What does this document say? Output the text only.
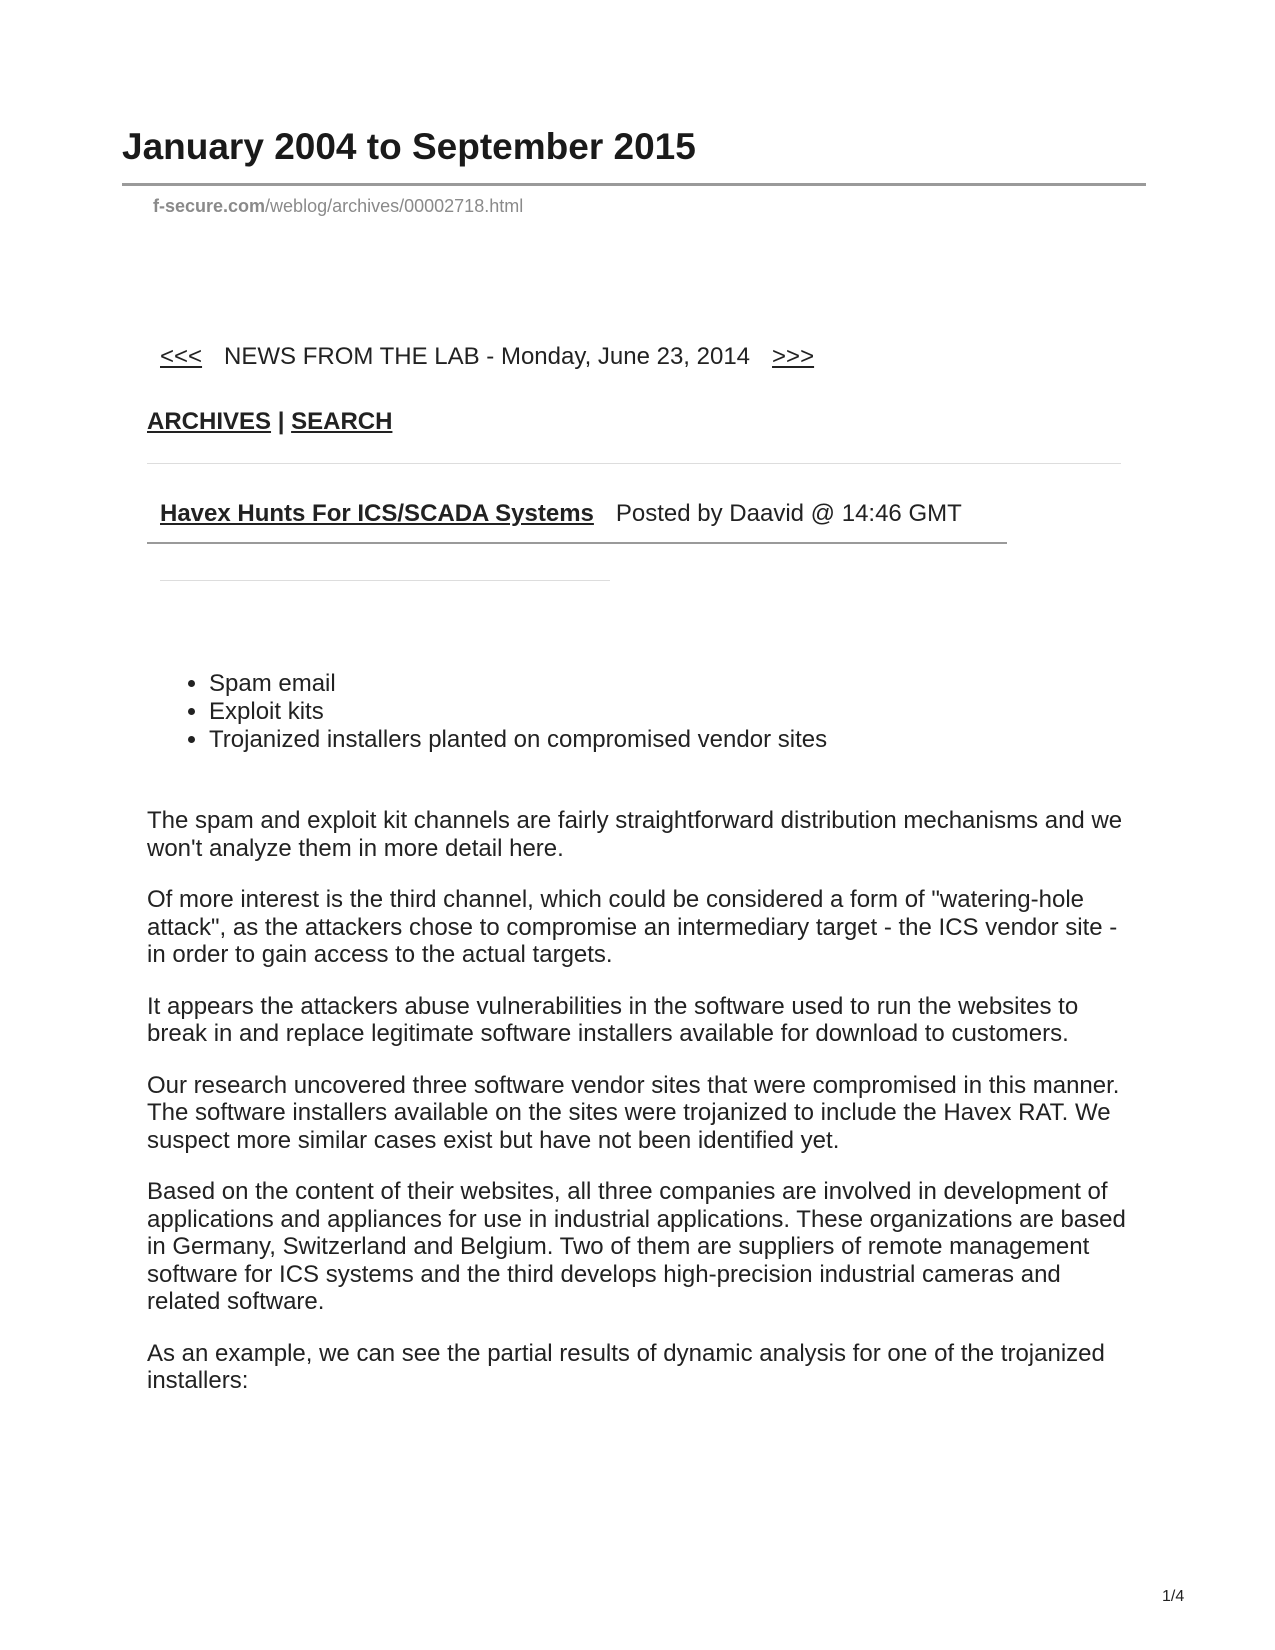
January 2004 to September 2015
f-secure.com/weblog/archives/00002718.html
<<< NEWS FROM THE LAB - Monday, June 23, 2014 >>>
ARCHIVES | SEARCH
Havex Hunts For ICS/SCADA Systems Posted by Daavid @ 14:46 GMT
• Spam email
• Exploit kits
• Trojanized installers planted on compromised vendor sites

The spam and exploit kit channels are fairly straightforward distribution mechanisms and we won't analyze them in more detail here.

Of more interest is the third channel, which could be considered a form of "watering-hole attack", as the attackers chose to compromise an intermediary target - the ICS vendor site - in order to gain access to the actual targets.

It appears the attackers abuse vulnerabilities in the software used to run the websites to break in and replace legitimate software installers available for download to customers.

Our research uncovered three software vendor sites that were compromised in this manner. The software installers available on the sites were trojanized to include the Havex RAT. We suspect more similar cases exist but have not been identified yet.

Based on the content of their websites, all three companies are involved in development of applications and appliances for use in industrial applications. These organizations are based in Germany, Switzerland and Belgium. Two of them are suppliers of remote management software for ICS systems and the third develops high-precision industrial cameras and related software.

As an example, we can see the partial results of dynamic analysis for one of the trojanized installers:

1/4
